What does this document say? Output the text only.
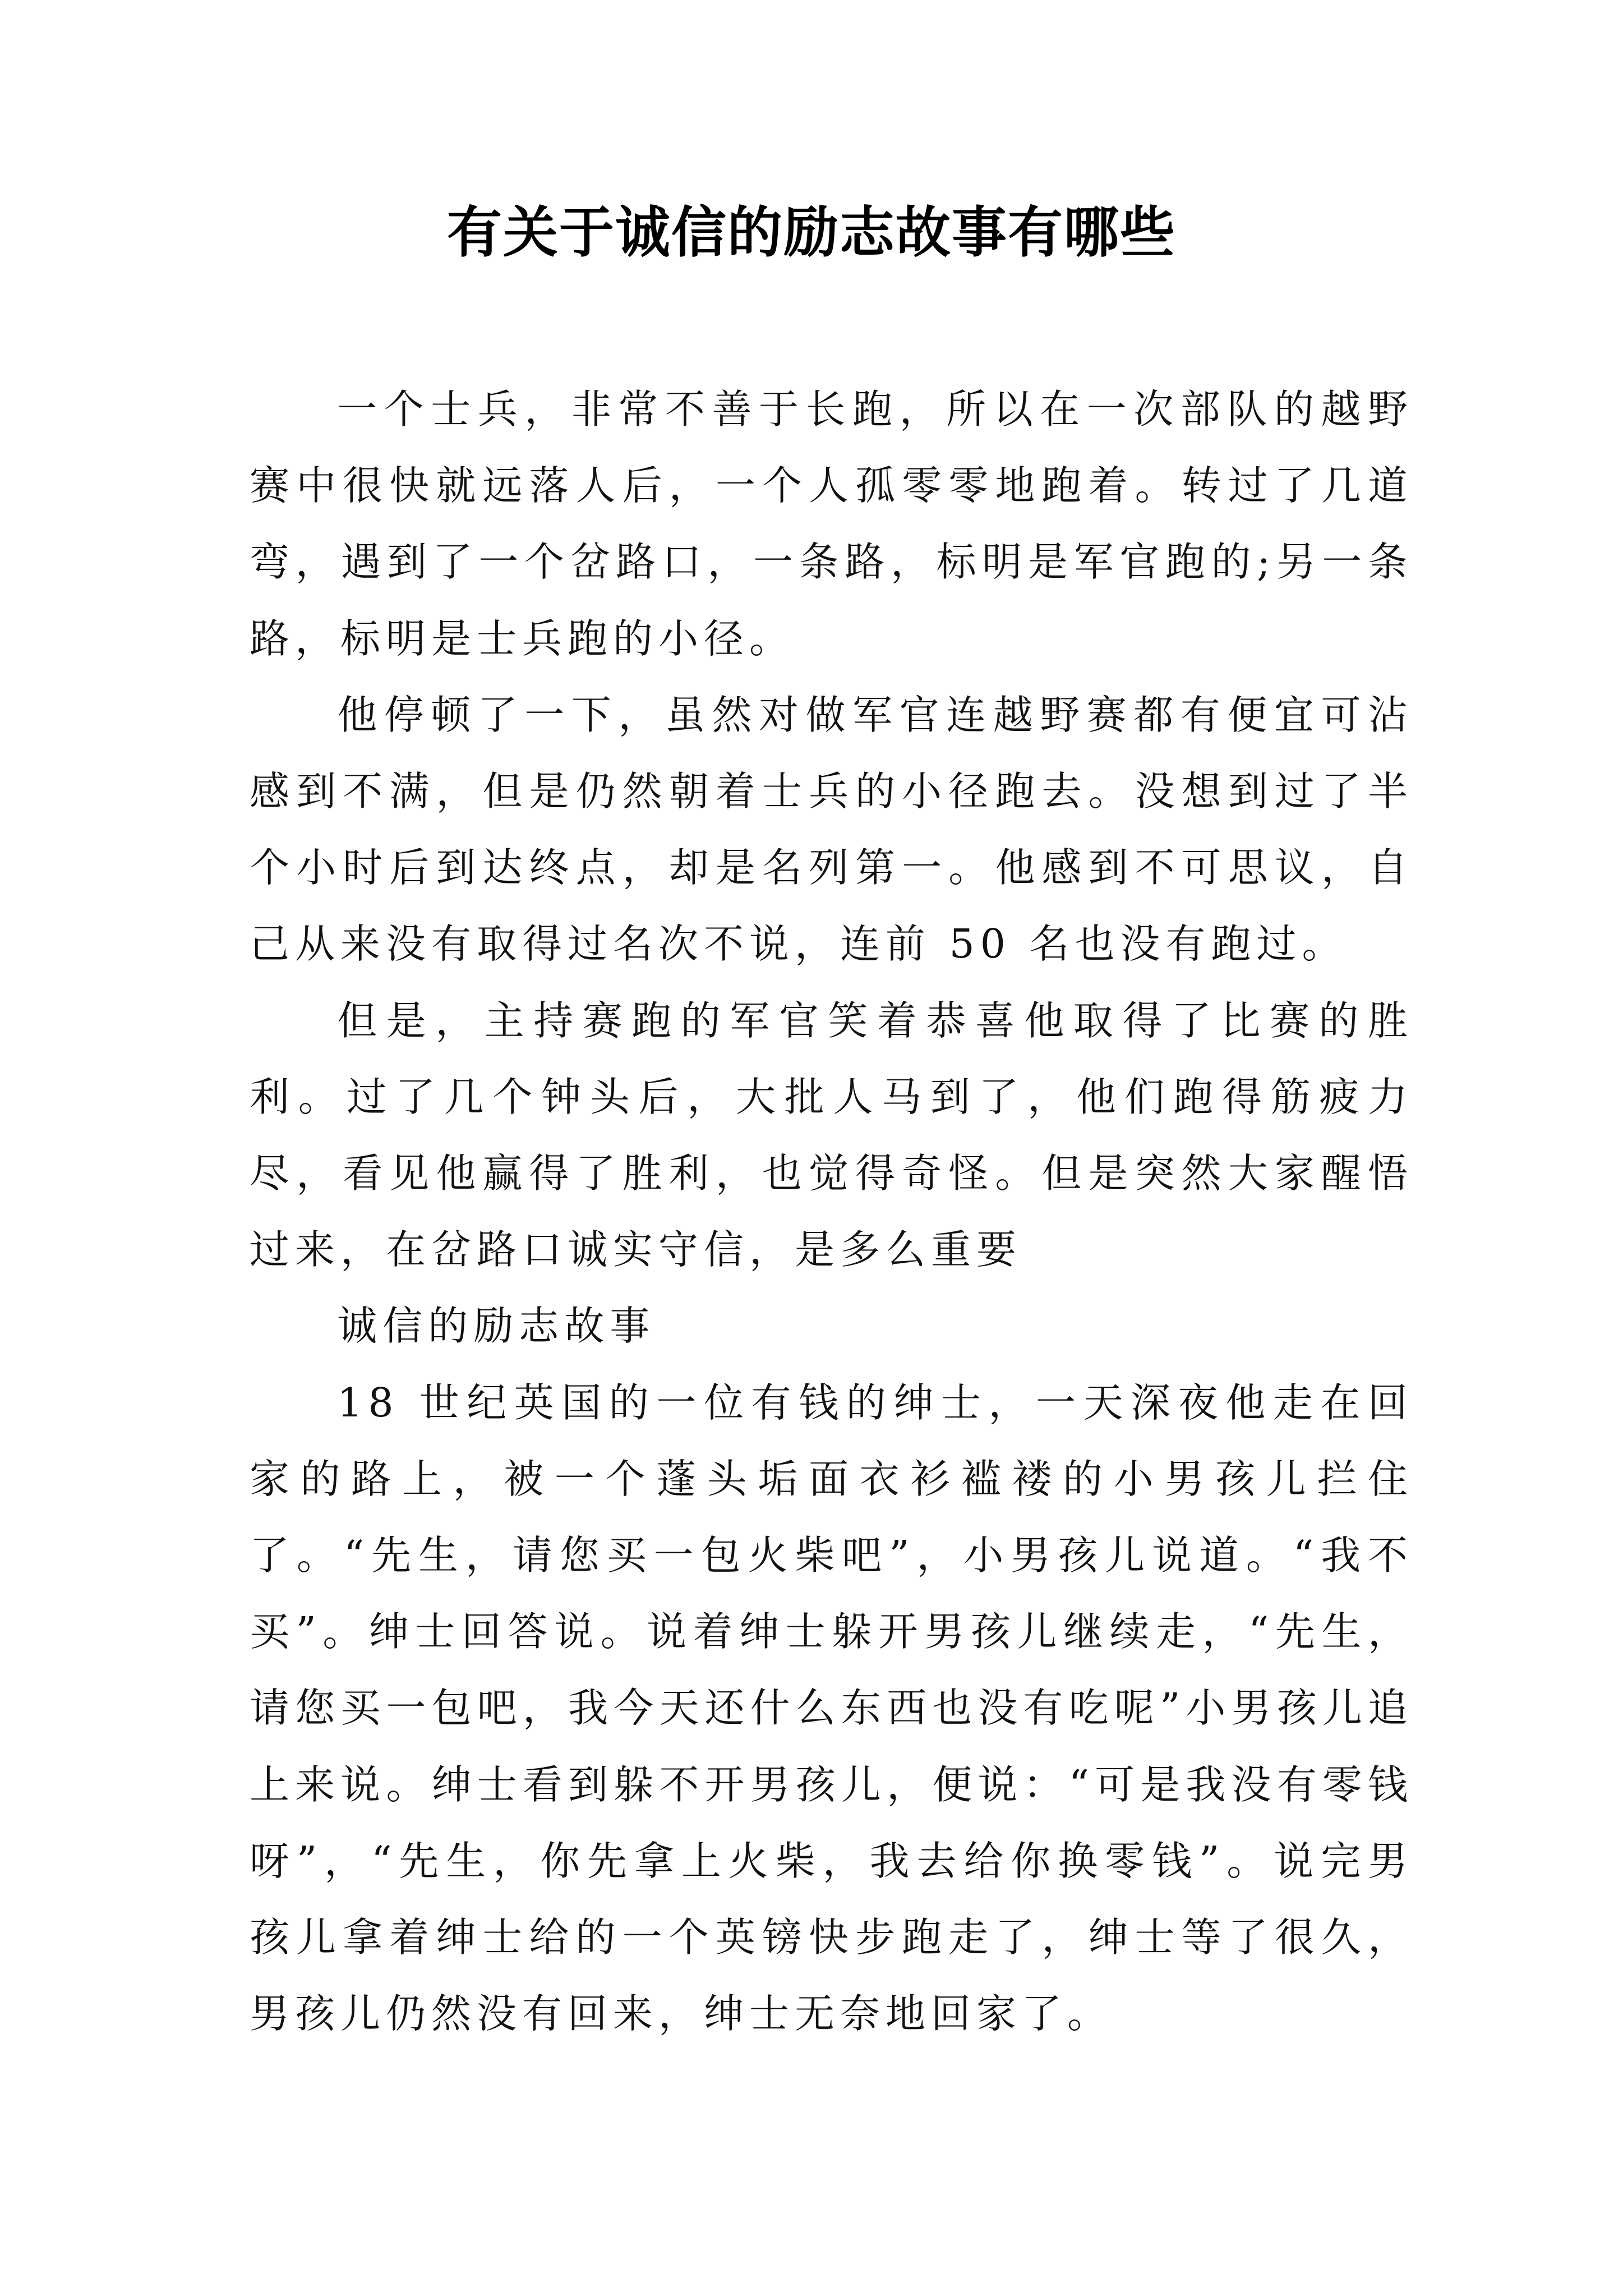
有关于诚信的励志故事有哪些

一个士兵，非常不善于长跑，所以在一次部队的越野赛中很快就远落人后，一个人孤零零地跑着。转过了几道弯，遇到了一个岔路口，一条路，标明是军官跑的;另一条路，标明是士兵跑的小径。

他停顿了一下，虽然对做军官连越野赛都有便宜可沾感到不满，但是仍然朝着士兵的小径跑去。没想到过了半个小时后到达终点，却是名列第一。他感到不可思议，自己从来没有取得过名次不说，连前 50 名也没有跑过。

但是，主持赛跑的军官笑着恭喜他取得了比赛的胜利。过了几个钟头后，大批人马到了，他们跑得筋疲力尽，看见他赢得了胜利，也觉得奇怪。但是突然大家醒悟过来，在岔路口诚实守信，是多么重要

诚信的励志故事

18 世纪英国的一位有钱的绅士，一天深夜他走在回家的路上，被一个蓬头垢面衣衫褴褛的小男孩儿拦住了。“先生，请您买一包火柴吧”，小男孩儿说道。“我不买”。绅士回答说。说着绅士躲开男孩儿继续走，“先生，请您买一包吧，我今天还什么东西也没有吃呢”小男孩儿追上来说。绅士看到躲不开男孩儿，便说：“可是我没有零钱呀”，“先生，你先拿上火柴，我去给你换零钱”。说完男孩儿拿着绅士给的一个英镑快步跑走了，绅士等了很久，男孩儿仍然没有回来，绅士无奈地回家了。
